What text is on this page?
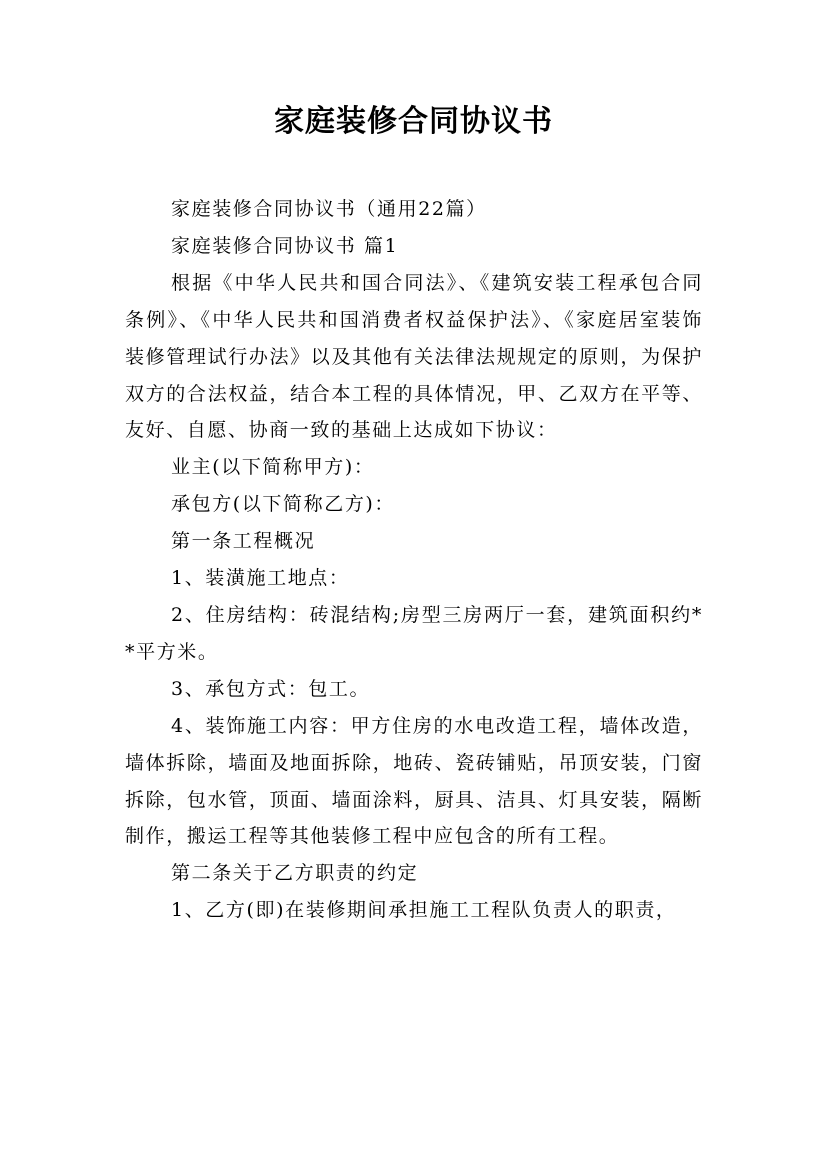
家庭装修合同协议书

家庭装修合同协议书（通用22篇）

家庭装修合同协议书 篇1

根据《中华人民共和国合同法》、《建筑安装工程承包合同条例》、《中华人民共和国消费者权益保护法》、《家庭居室装饰装修管理试行办法》以及其他有关法律法规规定的原则，为保护双方的合法权益，结合本工程的具体情况，甲、乙双方在平等、友好、自愿、协商一致的基础上达成如下协议：

业主(以下简称甲方)：

承包方(以下简称乙方)：

第一条工程概况

1、装潢施工地点：

2、住房结构：砖混结构;房型三房两厅一套，建筑面积约**平方米。

3、承包方式：包工。

4、装饰施工内容：甲方住房的水电改造工程，墙体改造，墙体拆除，墙面及地面拆除，地砖、瓷砖铺贴，吊顶安装，门窗拆除，包水管，顶面、墙面涂料，厨具、洁具、灯具安装，隔断制作，搬运工程等其他装修工程中应包含的所有工程。

第二条关于乙方职责的约定

1、乙方(即)在装修期间承担施工工程队负责人的职责，
